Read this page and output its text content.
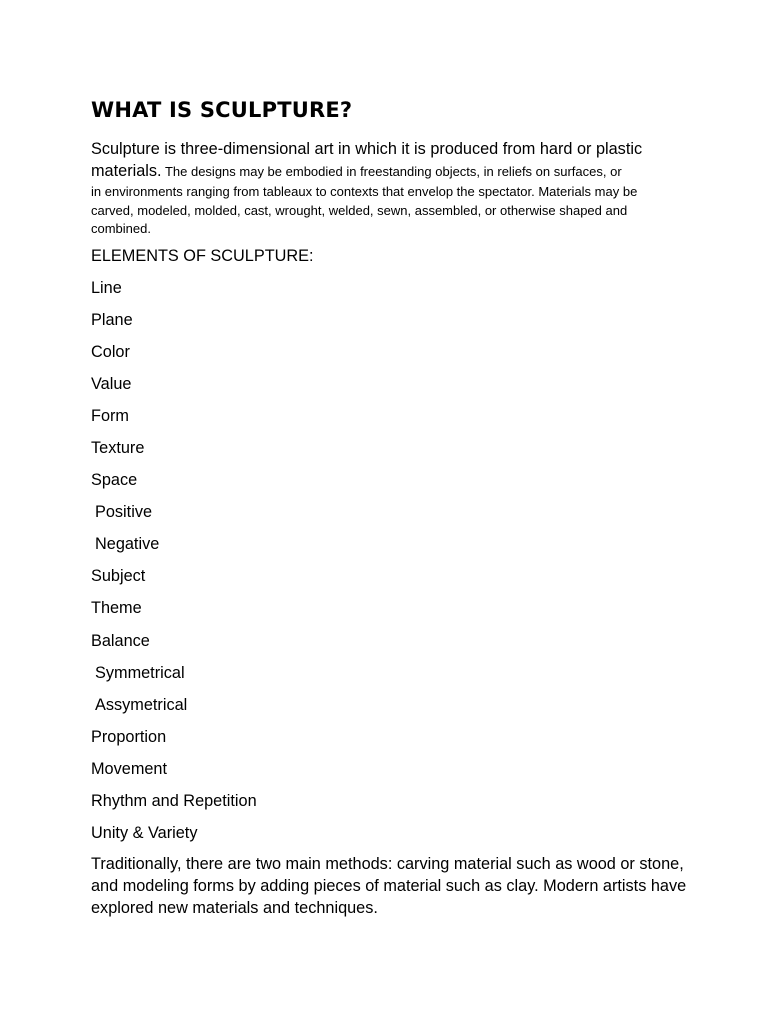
WHAT IS SCULPTURE?
Sculpture is three-dimensional art in which it is produced from hard or plastic
materials. The designs may be embodied in freestanding objects, in reliefs on surfaces, or
in environments ranging from tableaux to contexts that envelop the spectator. Materials may be carved, modeled, molded, cast, wrought, welded, sewn, assembled, or otherwise shaped and combined.

ELEMENTS OF SCULPTURE:

Line
Plane
Color
Value
Form
Texture
Space
Positive
Negative
Subject
Theme
Balance
Symmetrical
Assymetrical
Proportion
Movement
Rhythm and Repetition
Unity & Variety

Traditionally, there are two main methods: carving material such as wood or stone, and modeling forms by adding pieces of material such as clay. Modern artists have explored new materials and techniques.
